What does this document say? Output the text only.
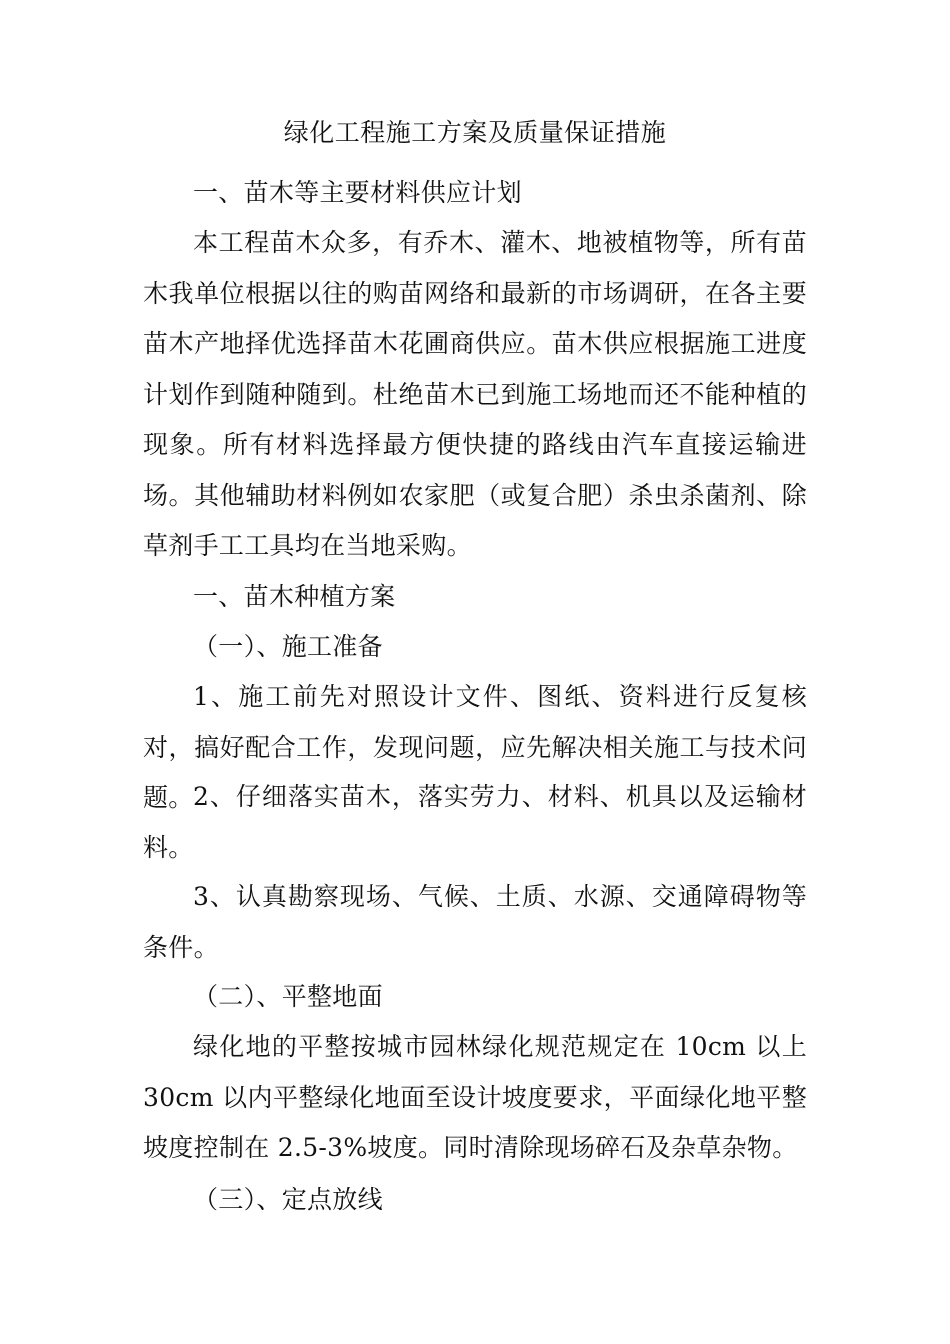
绿化工程施工方案及质量保证措施

一、苗木等主要材料供应计划

本工程苗木众多，有乔木、灌木、地被植物等，所有苗木我单位根据以往的购苗网络和最新的市场调研，在各主要苗木产地择优选择苗木花圃商供应。苗木供应根据施工进度计划作到随种随到。杜绝苗木已到施工场地而还不能种植的现象。所有材料选择最方便快捷的路线由汽车直接运输进场。其他辅助材料例如农家肥（或复合肥）杀虫杀菌剂、除草剂手工工具均在当地采购。

一、苗木种植方案

（一）、施工准备

1、施工前先对照设计文件、图纸、资料进行反复核对，搞好配合工作，发现问题，应先解决相关施工与技术问题。 2、仔细落实苗木，落实劳力、材料、机具以及运输材料。

3、认真勘察现场、气候、土质、水源、交通障碍物等条件。

（二）、平整地面

绿化地的平整按城市园林绿化规范规定在 10cm 以上 30cm 以内平整绿化地面至设计坡度要求，平面绿化地平整坡度控制在 2.5-3%坡度。同时清除现场碎石及杂草杂物。

（三）、定点放线
